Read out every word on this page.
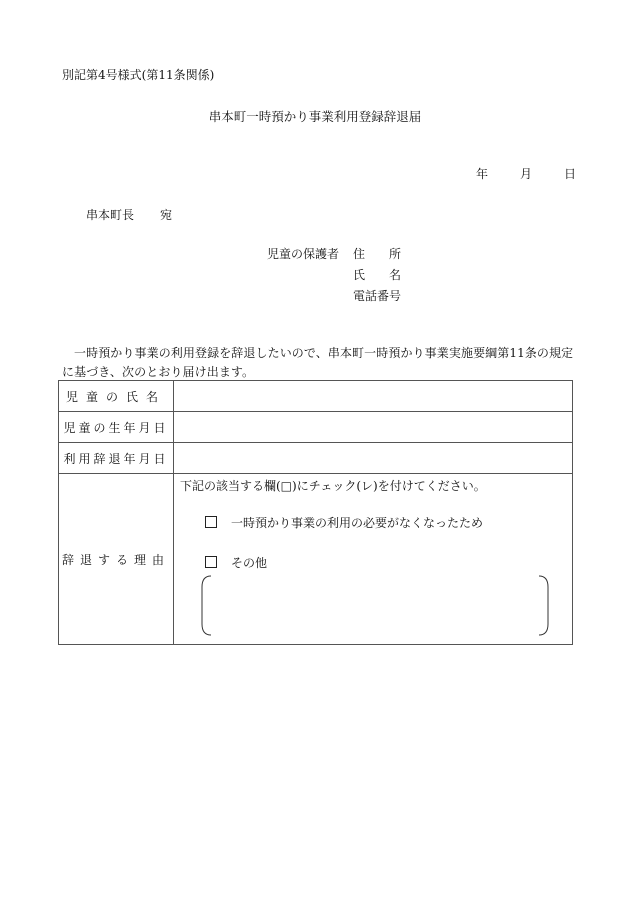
別記第4号様式(第11条関係)
串本町一時預かり事業利用登録辞退届
年	月	日
串本町長 宛
児童の保護者	住　　所
氏　　名
電話番号
一時預かり事業の利用登録を辞退したいので、串本町一時預かり事業実施要綱第11条の規定に基づき、次のとおり届け出ます。
児童の氏名	
児童の生年月日	
利用辞退年月日	
辞退する理由	下記の該当する欄(□)にチェック(レ)を付けてください。
一時預かり事業の利用の必要がなくなったため
その他
